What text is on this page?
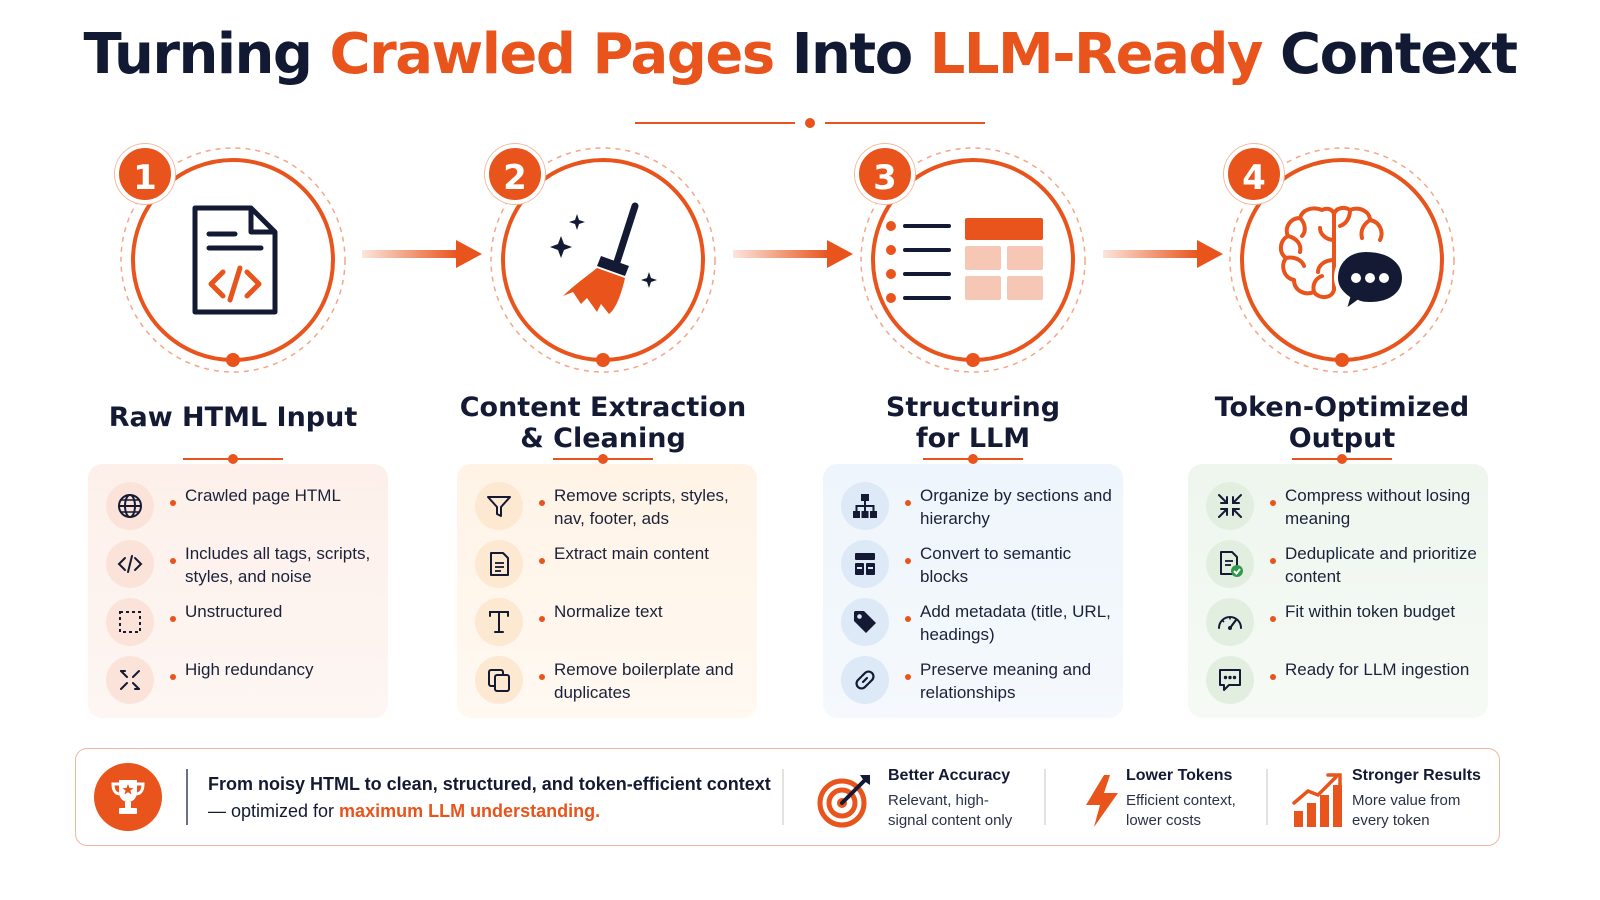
Turning Crawled Pages Into LLM-Ready Context
1
Raw HTML Input
Crawled page HTML
Includes all tags, scripts, styles, and noise
Unstructured
High redundancy
2
Content Extraction
& Cleaning
Remove scripts, styles, nav, footer, ads
Extract main content
Normalize text
Remove boilerplate and duplicates
3
Structuring
for LLM
Organize by sections and hierarchy
Convert to semantic blocks
Add metadata (title, URL, headings)
Preserve meaning and relationships
4
Token-Optimized
Output
Compress without losing meaning
Deduplicate and prioritize content
Fit within token budget
Ready for LLM ingestion
From noisy HTML to clean, structured, and token-efficient context
— optimized for maximum LLM understanding.
Better Accuracy
Relevant, high-signal content only
Lower Tokens
Efficient context, lower costs
Stronger Results
More value from every token
